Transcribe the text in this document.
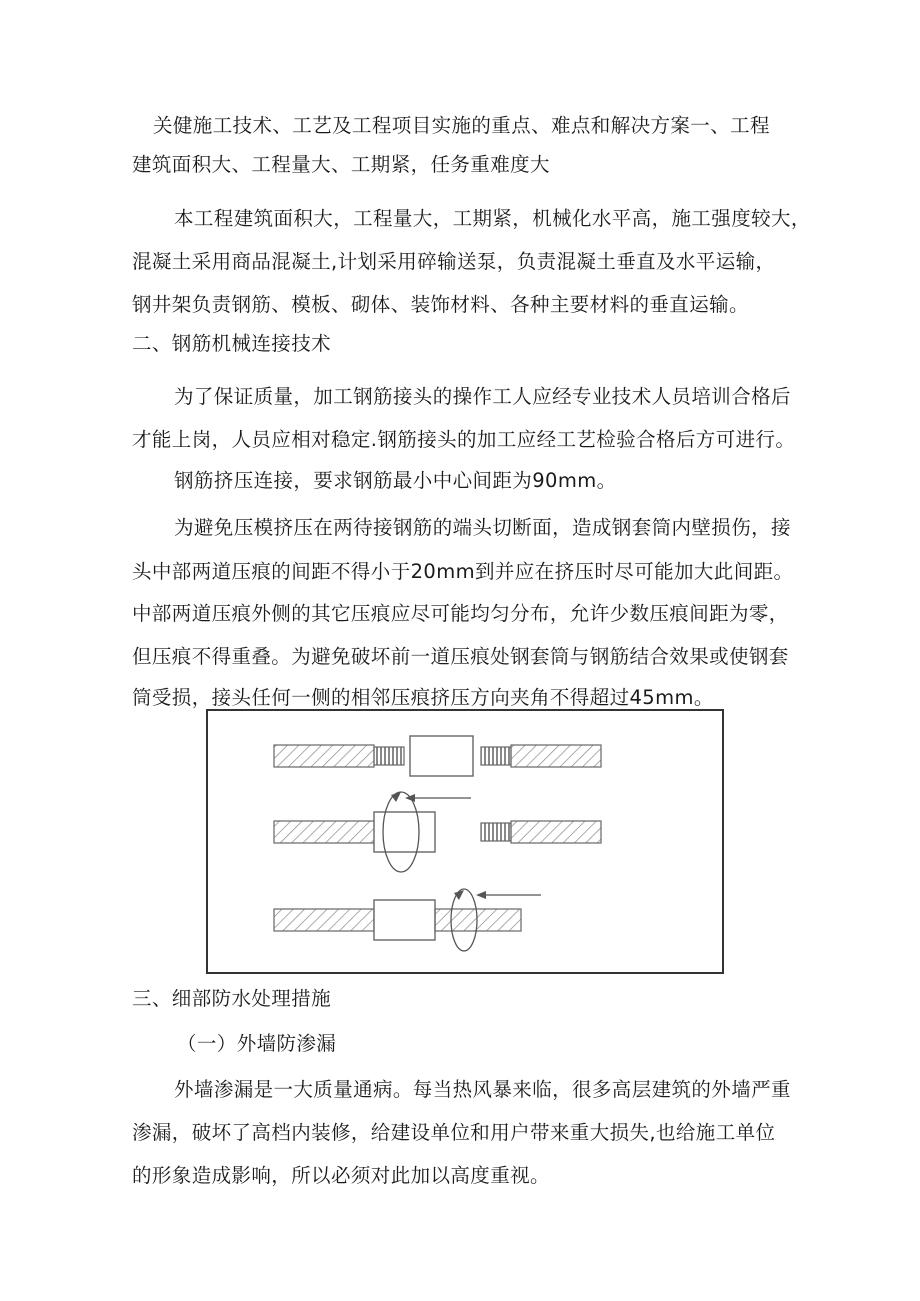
关健施工技术、工艺及工程项目实施的重点、难点和解决方案一、工程
建筑面积大、工程量大、工期紧，任务重难度大
本工程建筑面积大，工程量大，工期紧，机械化水平高，施工强度较大，
混凝土采用商品混凝土,计划采用碎输送泵，负责混凝土垂直及水平运输，
钢井架负责钢筋、模板、砌体、装饰材料、各种主要材料的垂直运输。
二、钢筋机械连接技术
为了保证质量，加工钢筋接头的操作工人应经专业技术人员培训合格后
才能上岗，人员应相对稳定.钢筋接头的加工应经工艺检验合格后方可进行。
钢筋挤压连接，要求钢筋最小中心间距为90mm。
为避免压模挤压在两待接钢筋的端头切断面，造成钢套筒内壁损伤，接
头中部两道压痕的间距不得小于20mm到并应在挤压时尽可能加大此间距。
中部两道压痕外侧的其它压痕应尽可能均匀分布，允许少数压痕间距为零，
但压痕不得重叠。为避免破坏前一道压痕处钢套筒与钢筋结合效果或使钢套
筒受损，接头任何一侧的相邻压痕挤压方向夹角不得超过45mm。
三、细部防水处理措施
（一）外墙防渗漏
外墙渗漏是一大质量通病。每当热风暴来临，很多高层建筑的外墙严重
渗漏，破坏了高档内装修，给建设单位和用户带来重大损失,也给施工单位
的形象造成影响，所以必须对此加以高度重视。
